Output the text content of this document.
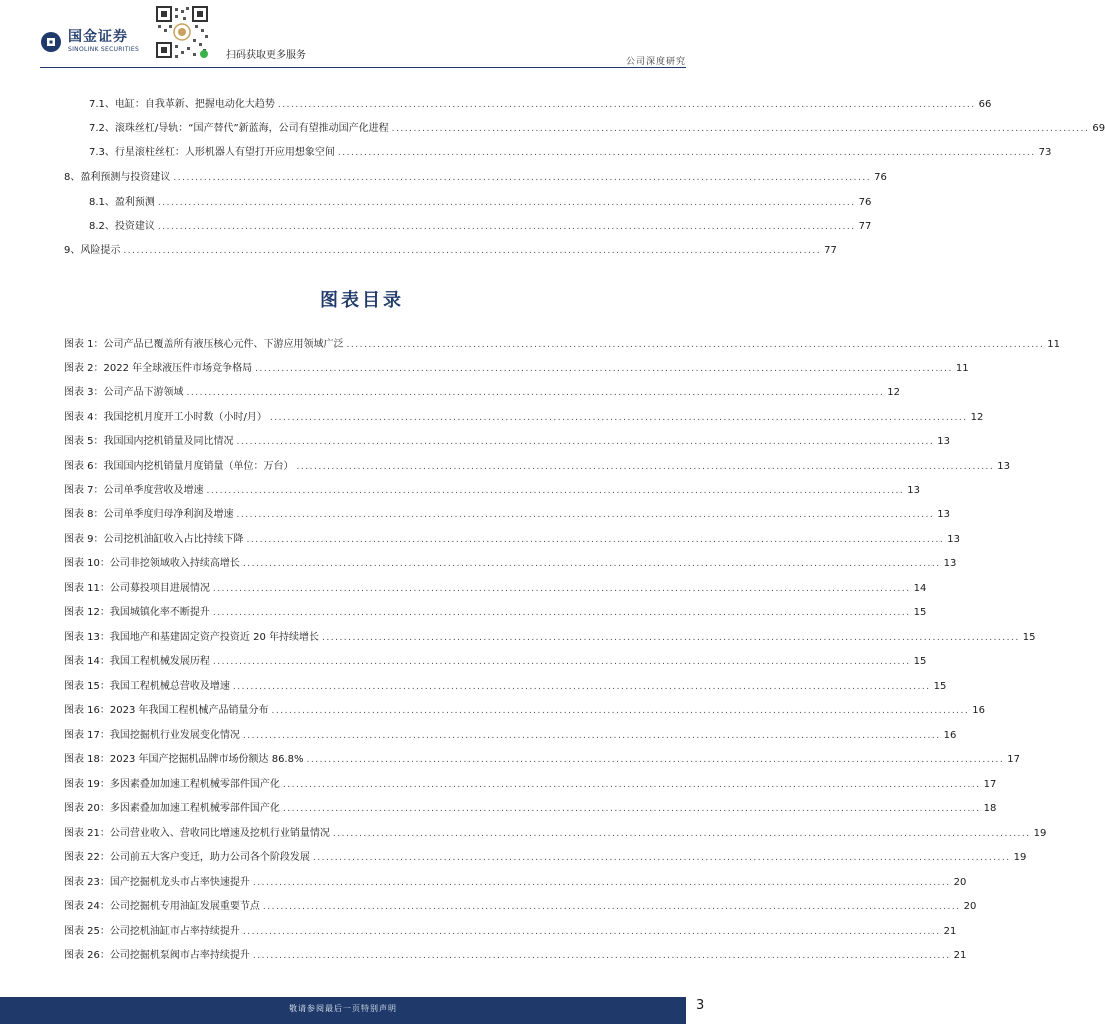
国金证券
SINOLINK SECURITIES
扫码获取更多服务
公司深度研究
7.1、电缸：自我革新、把握电动化大趋势 ................................................................................................................................................................ 66
7.2、滚珠丝杠/导轨：“国产替代”新蓝海，公司有望推动国产化进程 ................................................................................................................................................................ 69
7.3、行星滚柱丝杠：人形机器人有望打开应用想象空间 ................................................................................................................................................................ 73
8、盈利预测与投资建议 ................................................................................................................................................................ 76
8.1、盈利预测 ................................................................................................................................................................ 76
8.2、投资建议 ................................................................................................................................................................ 77
9、风险提示 ................................................................................................................................................................ 77
图表目录
图表 1：公司产品已覆盖所有液压核心元件、下游应用领域广泛 ................................................................................................................................................................ 11
图表 2：2022 年全球液压件市场竞争格局 ................................................................................................................................................................ 11
图表 3：公司产品下游领域 ................................................................................................................................................................ 12
图表 4：我国挖机月度开工小时数（小时/月） ................................................................................................................................................................ 12
图表 5：我国国内挖机销量及同比情况 ................................................................................................................................................................ 13
图表 6：我国国内挖机销量月度销量（单位：万台） ................................................................................................................................................................ 13
图表 7：公司单季度营收及增速 ................................................................................................................................................................ 13
图表 8：公司单季度归母净利润及增速 ................................................................................................................................................................ 13
图表 9：公司挖机油缸收入占比持续下降 ................................................................................................................................................................ 13
图表 10：公司非挖领域收入持续高增长 ................................................................................................................................................................ 13
图表 11：公司募投项目进展情况 ................................................................................................................................................................ 14
图表 12：我国城镇化率不断提升 ................................................................................................................................................................ 15
图表 13：我国地产和基建固定资产投资近 20 年持续增长 ................................................................................................................................................................ 15
图表 14：我国工程机械发展历程 ................................................................................................................................................................ 15
图表 15：我国工程机械总营收及增速 ................................................................................................................................................................ 15
图表 16：2023 年我国工程机械产品销量分布 ................................................................................................................................................................ 16
图表 17：我国挖掘机行业发展变化情况 ................................................................................................................................................................ 16
图表 18：2023 年国产挖掘机品牌市场份额达 86.8% ................................................................................................................................................................ 17
图表 19：多因素叠加加速工程机械零部件国产化 ................................................................................................................................................................ 17
图表 20：多因素叠加加速工程机械零部件国产化 ................................................................................................................................................................ 18
图表 21：公司营业收入、营收同比增速及挖机行业销量情况 ................................................................................................................................................................ 19
图表 22：公司前五大客户变迁，助力公司各个阶段发展 ................................................................................................................................................................ 19
图表 23：国产挖掘机龙头市占率快速提升 ................................................................................................................................................................ 20
图表 24：公司挖掘机专用油缸发展重要节点 ................................................................................................................................................................ 20
图表 25：公司挖机油缸市占率持续提升 ................................................................................................................................................................ 21
图表 26：公司挖掘机泵阀市占率持续提升 ................................................................................................................................................................ 21
敬请参阅最后一页特别声明	3
